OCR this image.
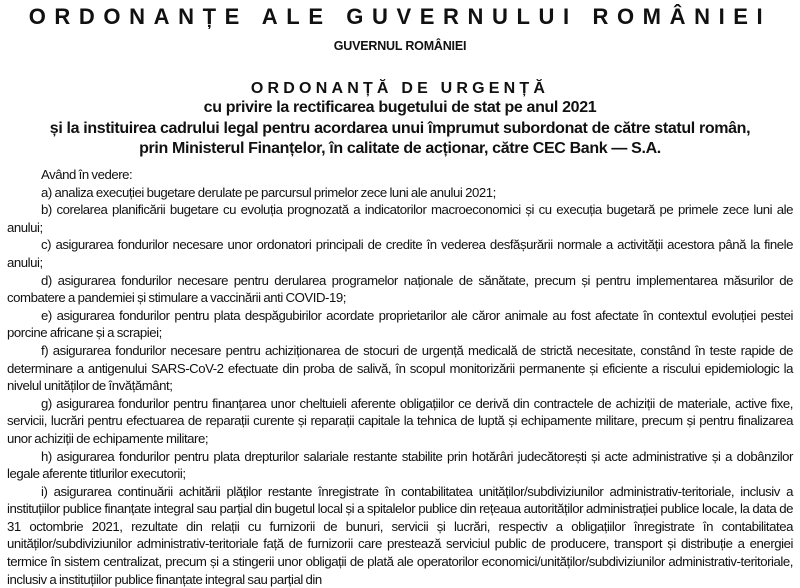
ORDONANȚE ALE GUVERNULUI ROMÂNIEI
GUVERNUL ROMÂNIEI
ORDONANȚĂ DE URGENȚĂ
cu privire la rectificarea bugetului de stat pe anul 2021
și la instituirea cadrului legal pentru acordarea unui împrumut subordonat de către statul român,
prin Ministerul Finanțelor, în calitate de acționar, către CEC Bank — S.A.

Având în vedere:

a) analiza execuției bugetare derulate pe parcursul primelor zece luni ale anului 2021;

b) corelarea planificării bugetare cu evoluția prognozată a indicatorilor macroeconomici și cu execuția bugetară pe primele zece luni ale anului;

c) asigurarea fondurilor necesare unor ordonatori principali de credite în vederea desfășurării normale a activității acestora până la finele anului;

d) asigurarea fondurilor necesare pentru derularea programelor naționale de sănătate, precum și pentru implementarea măsurilor de combatere a pandemiei și stimulare a vaccinării anti COVID-19;

e) asigurarea fondurilor pentru plata despăgubirilor acordate proprietarilor ale căror animale au fost afectate în contextul evoluției pestei porcine africane și a scrapiei;

f) asigurarea fondurilor necesare pentru achiziționarea de stocuri de urgență medicală de strictă necesitate, constând în teste rapide de determinare a antigenului SARS-CoV-2 efectuate din proba de salivă, în scopul monitorizării permanente și eficiente a riscului epidemiologic la nivelul unităților de învățământ;

g) asigurarea fondurilor pentru finanțarea unor cheltuieli aferente obligațiilor ce derivă din contractele de achiziții de materiale, active fixe, servicii, lucrări pentru efectuarea de reparații curente și reparații capitale la tehnica de luptă și echipamente militare, precum și pentru finalizarea unor achiziții de echipamente militare;

h) asigurarea fondurilor pentru plata drepturilor salariale restante stabilite prin hotărâri judecătorești și acte administrative și a dobânzilor legale aferente titlurilor executorii;

i) asigurarea continuării achitării plăților restante înregistrate în contabilitatea unităților/subdiviziunilor administrativ-teritoriale, inclusiv a instituțiilor publice finanțate integral sau parțial din bugetul local și a spitalelor publice din rețeaua autorităților administrației publice locale, la data de 31 octombrie 2021, rezultate din relații cu furnizorii de bunuri, servicii și lucrări, respectiv a obligațiilor înregistrate în contabilitatea unităților/subdiviziunilor administrativ-teritoriale față de furnizorii care prestează serviciul public de producere, transport și distribuție a energiei termice în sistem centralizat, precum și a stingerii unor obligații de plată ale operatorilor economici/unităților/subdiviziunilor administrativ-teritoriale, inclusiv a instituțiilor publice finanțate integral sau parțial din
